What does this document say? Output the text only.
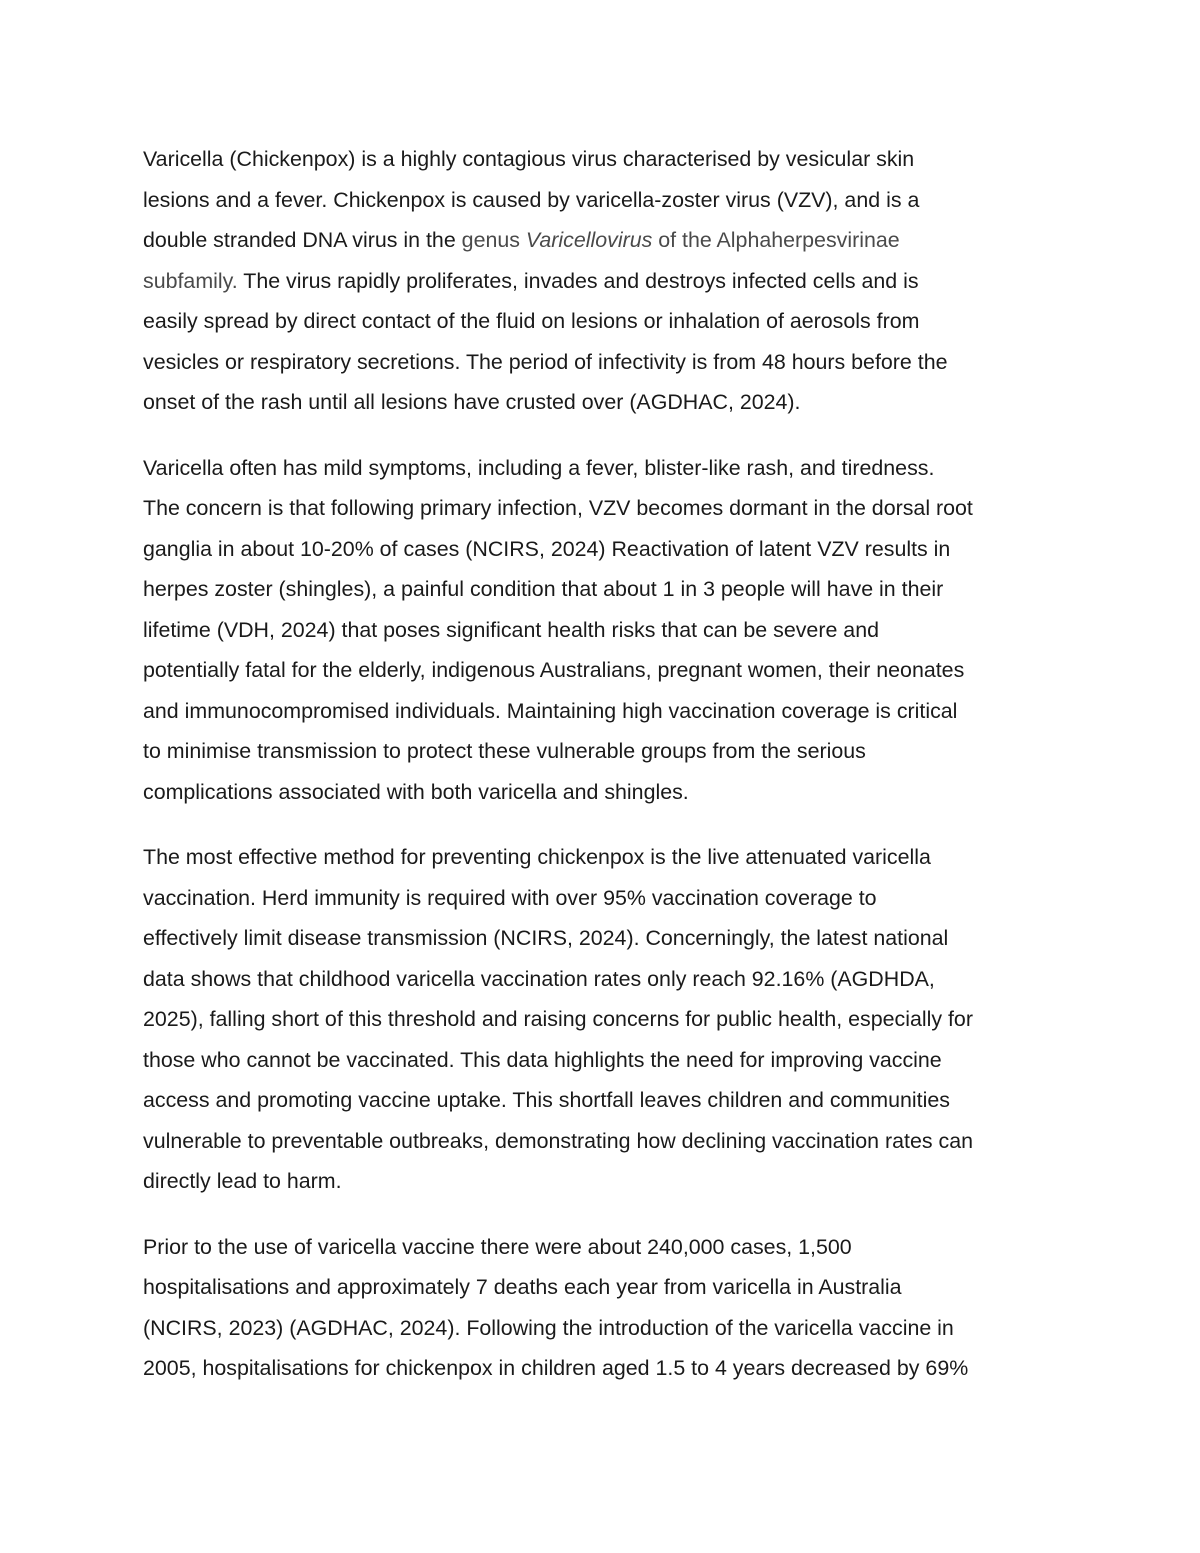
Varicella (Chickenpox) is a highly contagious virus characterised by vesicular skin
lesions and a fever. Chickenpox is caused by varicella-zoster virus (VZV), and is a
double stranded DNA virus in the genus Varicellovirus of the Alphaherpesvirinae
subfamily. The virus rapidly proliferates, invades and destroys infected cells and is
easily spread by direct contact of the fluid on lesions or inhalation of aerosols from
vesicles or respiratory secretions. The period of infectivity is from 48 hours before the
onset of the rash until all lesions have crusted over (AGDHAC, 2024).
Varicella often has mild symptoms, including a fever, blister-like rash, and tiredness.
The concern is that following primary infection, VZV becomes dormant in the dorsal root
ganglia in about 10-20% of cases (NCIRS, 2024) Reactivation of latent VZV results in
herpes zoster (shingles), a painful condition that about 1 in 3 people will have in their
lifetime (VDH, 2024) that poses significant health risks that can be severe and
potentially fatal for the elderly, indigenous Australians, pregnant women, their neonates
and immunocompromised individuals. Maintaining high vaccination coverage is critical
to minimise transmission to protect these vulnerable groups from the serious
complications associated with both varicella and shingles.
The most effective method for preventing chickenpox is the live attenuated varicella
vaccination. Herd immunity is required with over 95% vaccination coverage to
effectively limit disease transmission (NCIRS, 2024). Concerningly, the latest national
data shows that childhood varicella vaccination rates only reach 92.16% (AGDHDA,
2025), falling short of this threshold and raising concerns for public health, especially for
those who cannot be vaccinated. This data highlights the need for improving vaccine
access and promoting vaccine uptake. This shortfall leaves children and communities
vulnerable to preventable outbreaks, demonstrating how declining vaccination rates can
directly lead to harm.
Prior to the use of varicella vaccine there were about 240,000 cases, 1,500
hospitalisations and approximately 7 deaths each year from varicella in Australia
(NCIRS, 2023) (AGDHAC, 2024). Following the introduction of the varicella vaccine in
2005, hospitalisations for chickenpox in children aged 1.5 to 4 years decreased by 69%
